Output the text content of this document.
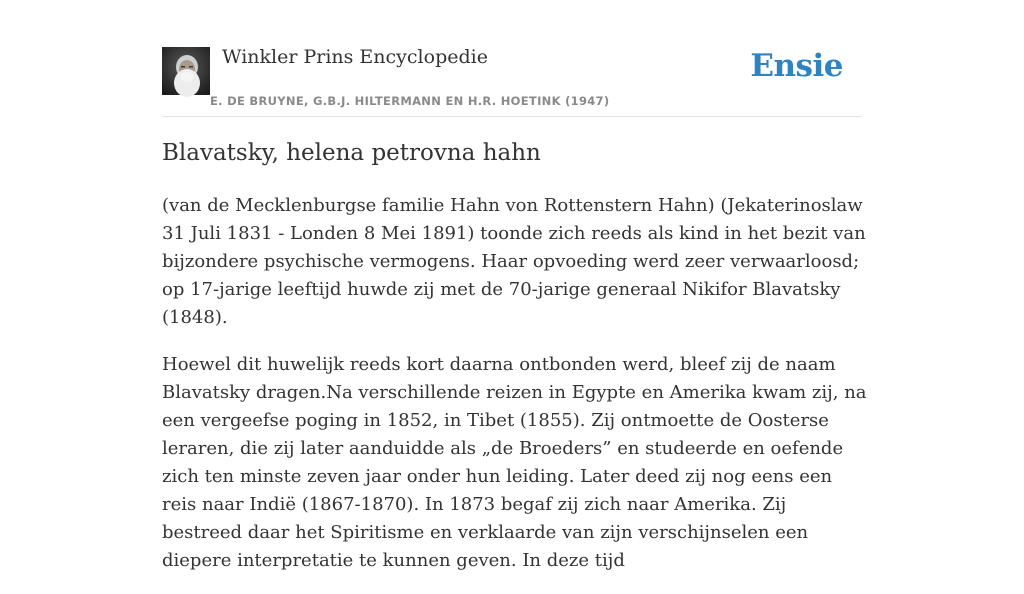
Winkler Prins Encyclopedie
E. DE BRUYNE, G.B.J. HILTERMANN EN H.R. HOETINK (1947)
Ensie
Blavatsky, helena petrovna hahn

(van de Mecklenburgse familie Hahn von Rottenstern Hahn) (Jekaterinoslaw 31 Juli 1831 - Londen 8 Mei 1891) toonde zich reeds als kind in het bezit van bijzondere psychische vermogens. Haar opvoeding werd zeer verwaarloosd; op 17-jarige leeftijd huwde zij met de 70-jarige generaal Nikifor Blavatsky (1848).

Hoewel dit huwelijk reeds kort daarna ontbonden werd, bleef zij de naam Blavatsky dragen.Na verschillende reizen in Egypte en Amerika kwam zij, na een vergeefse poging in 1852, in Tibet (1855). Zij ontmoette de Oosterse leraren, die zij later aanduidde als „de Broeders” en studeerde en oefende zich ten minste zeven jaar onder hun leiding. Later deed zij nog eens een reis naar Indië (1867-1870). In 1873 begaf zij zich naar Amerika. Zij bestreed daar het Spiritisme en verklaarde van zijn verschijnselen een diepere interpretatie te kunnen geven. In deze tijd
